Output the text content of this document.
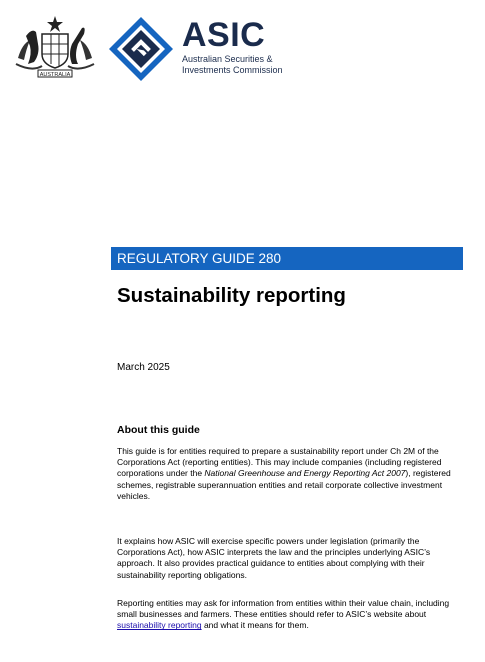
AUSTRALIA
ASIC
Australian Securities &
Investments Commission
REGULATORY GUIDE 280
Sustainability reporting
March 2025
About this guide
This guide is for entities required to prepare a sustainability report under Ch 2M of the Corporations Act (reporting entities). This may include companies (including registered corporations under the National Greenhouse and Energy Reporting Act 2007), registered schemes, registrable superannuation entities and retail corporate collective investment vehicles.
It explains how ASIC will exercise specific powers under legislation (primarily the Corporations Act), how ASIC interprets the law and the principles underlying ASIC’s approach. It also provides practical guidance to entities about complying with their sustainability reporting obligations.
Reporting entities may ask for information from entities within their value chain, including small businesses and farmers. These entities should refer to ASIC’s website about sustainability reporting and what it means for them.
